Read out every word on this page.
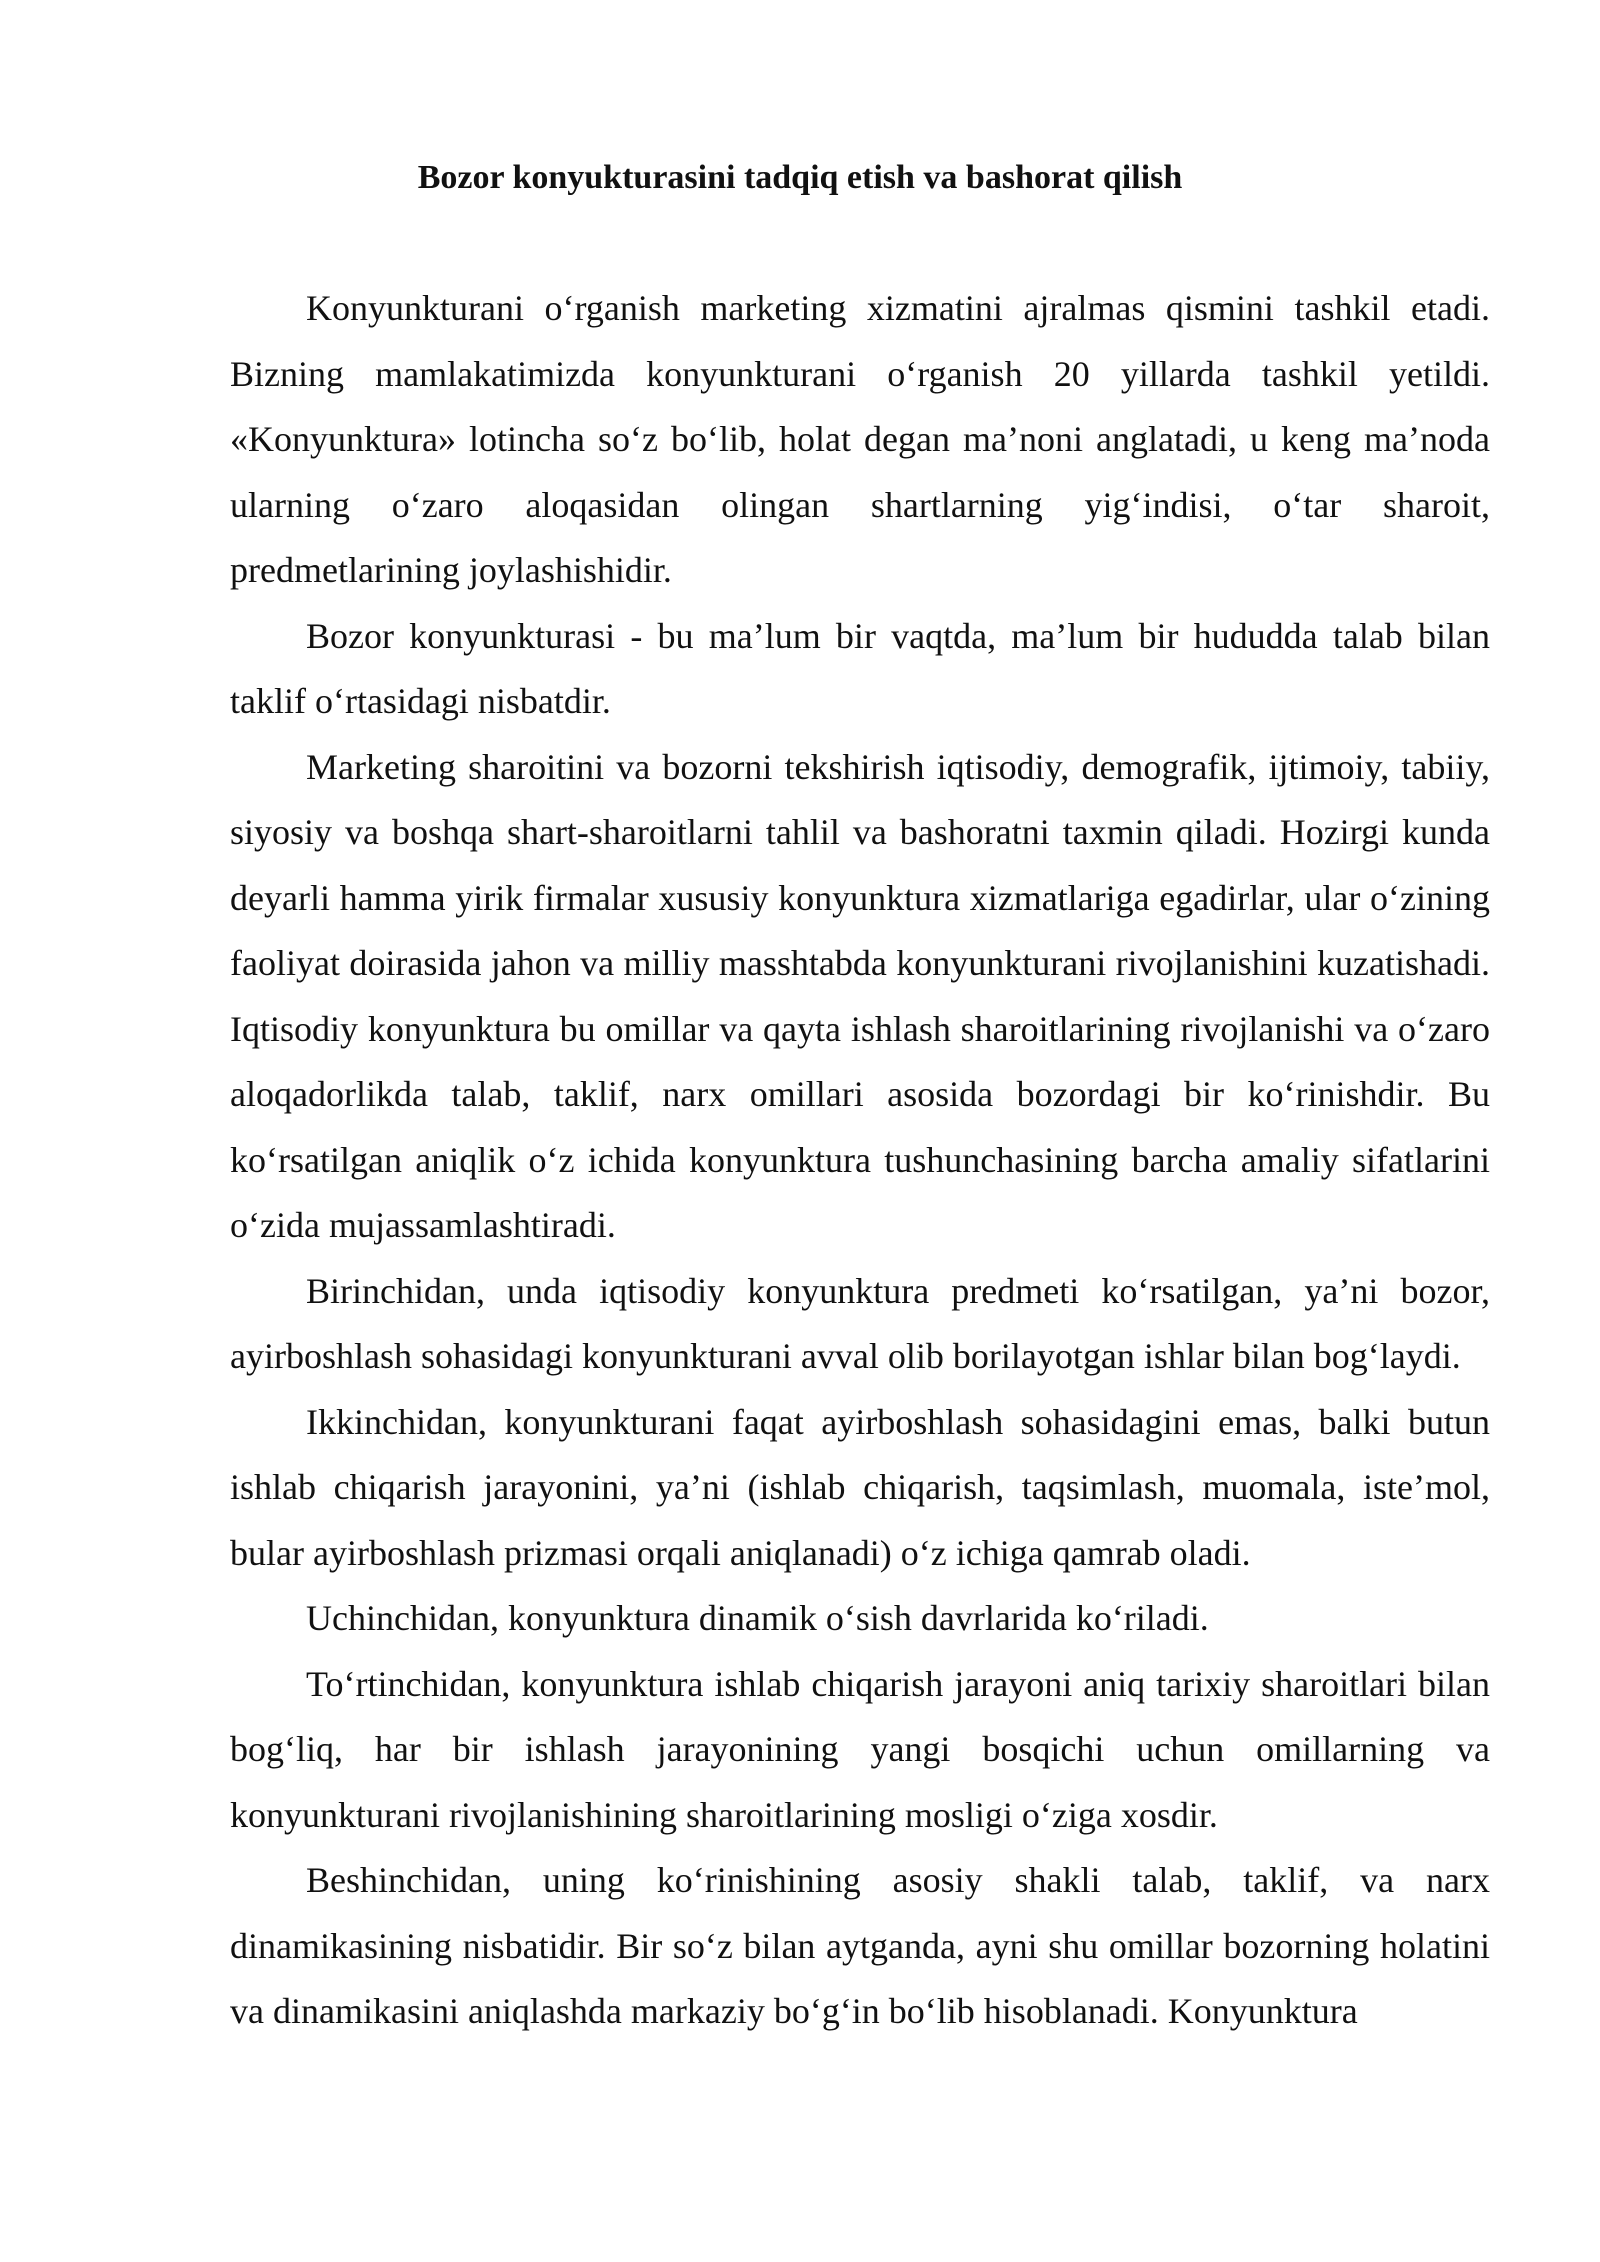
Bozor konyukturasini tadqiq etish va bashorat qilish

Konyunkturani o‘rganish marketing xizmatini ajralmas qismini tashkil etadi. Bizning mamlakatimizda konyunkturani o‘rganish 20 yillarda tashkil yetildi. «Konyunktura» lotincha so‘z bo‘lib, holat degan ma’noni anglatadi, u keng ma’noda ularning o‘zaro aloqasidan olingan shartlarning yig‘indisi, o‘tar sharoit, predmetlarining joylashishidir.

Bozor konyunkturasi - bu ma’lum bir vaqtda, ma’lum bir hududda talab bilan taklif o‘rtasidagi nisbatdir.

Marketing sharoitini va bozorni tekshirish iqtisodiy, demografik, ijtimoiy, tabiiy, siyosiy va boshqa shart-sharoitlarni tahlil va bashoratni taxmin qiladi. Hozirgi kunda deyarli hamma yirik firmalar xususiy konyunktura xizmatlariga egadirlar, ular o‘zining faoliyat doirasida jahon va milliy masshtabda konyunkturani rivojlanishini kuzatishadi. Iqtisodiy konyunktura bu omillar va qayta ishlash sharoitlarining rivojlanishi va o‘zaro aloqadorlikda talab, taklif, narx omillari asosida bozordagi bir ko‘rinishdir. Bu ko‘rsatilgan aniqlik o‘z ichida konyunktura tushunchasining barcha amaliy sifatlarini o‘zida mujassamlashtiradi.

Birinchidan, unda iqtisodiy konyunktura predmeti ko‘rsatilgan, ya’ni bozor, ayirboshlash sohasidagi konyunkturani avval olib borilayotgan ishlar bilan bog‘laydi.

Ikkinchidan, konyunkturani faqat ayirboshlash sohasidagini emas, balki butun ishlab chiqarish jarayonini, ya’ni (ishlab chiqarish, taqsimlash, muomala, iste’mol, bular ayirboshlash prizmasi orqali aniqlanadi) o‘z ichiga qamrab oladi.

Uchinchidan, konyunktura dinamik o‘sish davrlarida ko‘riladi.

To‘rtinchidan, konyunktura ishlab chiqarish jarayoni aniq tarixiy sharoitlari bilan bog‘liq, har bir ishlash jarayonining yangi bosqichi uchun omillarning va konyunkturani rivojlanishining sharoitlarining mosligi o‘ziga xosdir.

Beshinchidan, uning ko‘rinishining asosiy shakli talab, taklif, va narx dinamikasining nisbatidir. Bir so‘z bilan aytganda, ayni shu omillar bozorning holatini va dinamikasini aniqlashda markaziy bo‘g‘in bo‘lib hisoblanadi. Konyunktura
